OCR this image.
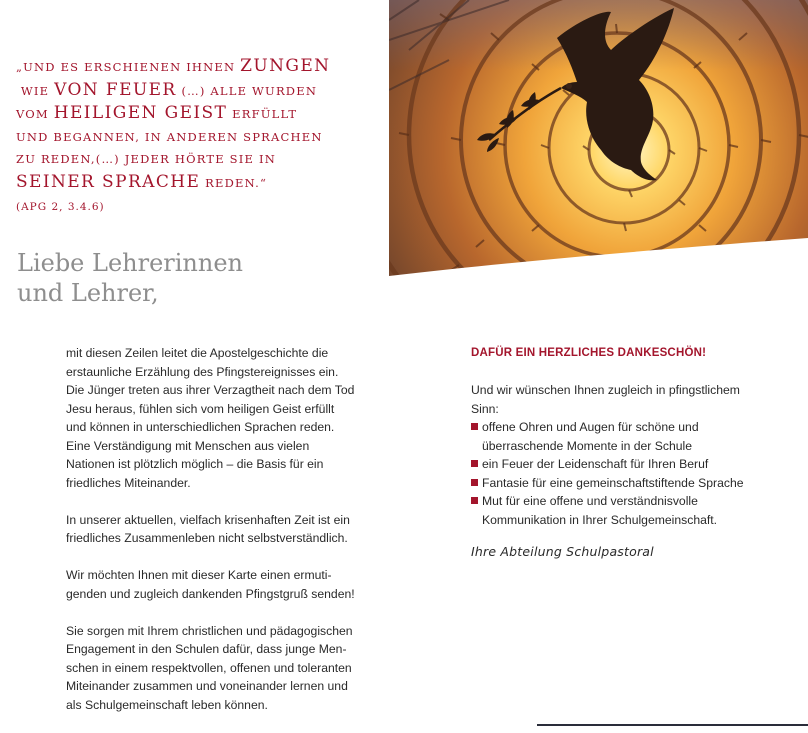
„UND ES ERSCHIENEN IHNEN ZUNGEN
WIE VON FEUER (…) ALLE WURDEN
VOM HEILIGEN GEIST ERFÜLLT
UND BEGANNEN, IN ANDEREN SPRACHEN
ZU REDEN,(…) JEDER HÖRTE SIE IN
SEINER SPRACHE REDEN.“
(APG 2, 3.4.6)
Liebe Lehrerinnen
und Lehrer,

mit diesen Zeilen leitet die Apostelgeschichte die erstaunliche Erzählung des Pfingstereignisses ein. Die Jünger treten aus ihrer Verzagtheit nach dem Tod Jesu heraus, fühlen sich vom heiligen Geist erfüllt und können in unterschiedlichen Sprachen reden. Eine Verständigung mit Menschen aus vielen Nationen ist plötzlich möglich – die Basis für ein friedliches Miteinander.

In unserer aktuellen, vielfach krisenhaften Zeit ist ein friedliches Zusammenleben nicht selbstverständlich.

Wir möchten Ihnen mit dieser Karte einen ermuti-genden und zugleich dankenden Pfingstgruß senden!

Sie sorgen mit Ihrem christlichen und pädagogischen Engagement in den Schulen dafür, dass junge Men-schen in einem respektvollen, offenen und toleranten Miteinander zusammen und voneinander lernen und als Schulgemeinschaft leben können.

DAFÜR EIN HERZLICHES DANKESCHÖN!

Und wir wünschen Ihnen zugleich in pfingstlichem Sinn:

offene Ohren und Augen für schöne und überraschende Momente in der Schule
ein Feuer der Leidenschaft für Ihren Beruf
Fantasie für eine gemeinschaftstiftende Sprache
Mut für eine offene und verständnisvolle Kommunikation in Ihrer Schulgemeinschaft.
Ihre Abteilung Schulpastoral
